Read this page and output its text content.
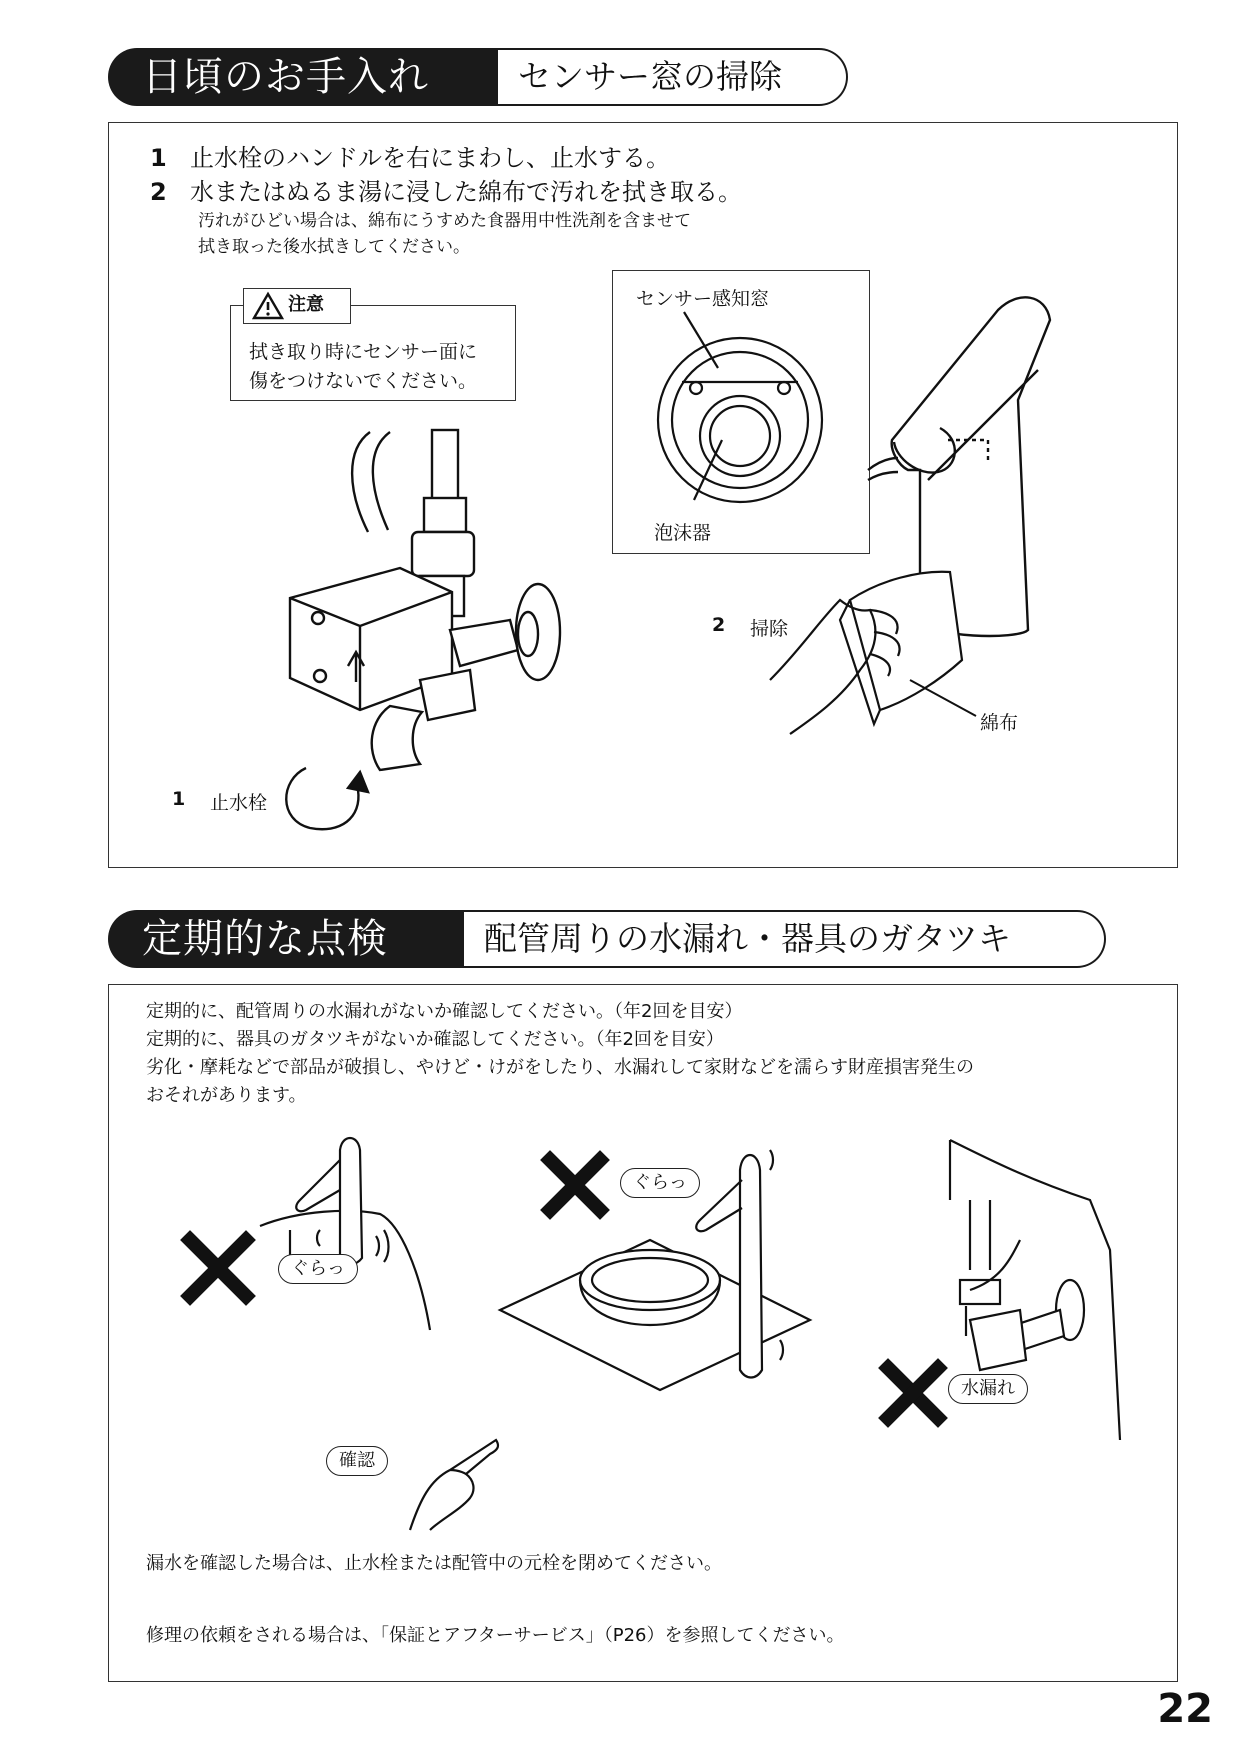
日頃のお手入れ	センサー窓の掃除
1 止水栓のハンドルを右にまわし、止水する。
2 水またはぬるま湯に浸した綿布で汚れを拭き取る。
汚れがひどい場合は、綿布にうすめた食器用中性洗剤を含ませて
拭き取った後水拭きしてください。
注意
拭き取り時にセンサー面に
傷をつけないでください。
1 止水栓
センサー感知窓
泡沫器
2 掃除
綿布
定期的な点検	配管周りの水漏れ・器具のガタツキ
定期的に、配管周りの水漏れがないか確認してください。（年2回を目安）
定期的に、器具のガタツキがないか確認してください。（年2回を目安）
劣化・摩耗などで部品が破損し、やけど・けがをしたり、水漏れして家財などを濡らす財産損害発生の
おそれがあります。
ぐらっ
ぐらっ
水漏れ
確認
漏水を確認した場合は、止水栓または配管中の元栓を閉めてください。
修理の依頼をされる場合は、「保証とアフターサービス」（P26）を参照してください。
22
